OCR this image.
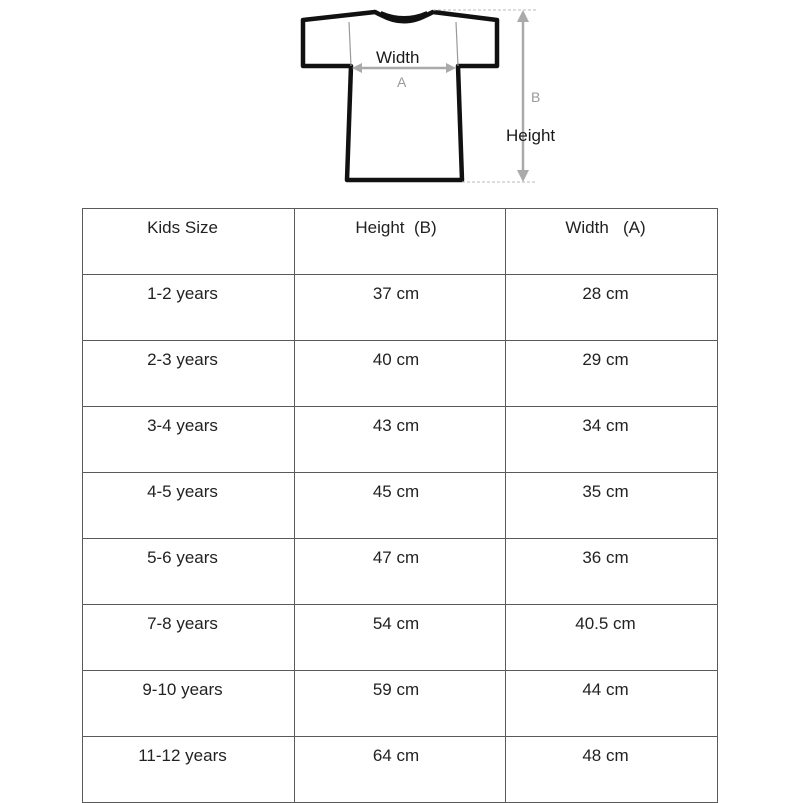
Width
A
B
Height
Kids Size	Height  (B)	Width   (A)
1-2 years	37 cm	28 cm
2-3 years	40 cm	29 cm
3-4 years	43 cm	34 cm
4-5 years	45 cm	35 cm
5-6 years	47 cm	36 cm
7-8 years	54 cm	40.5 cm
9-10 years	59 cm	44 cm
11-12 years	64 cm	48 cm
